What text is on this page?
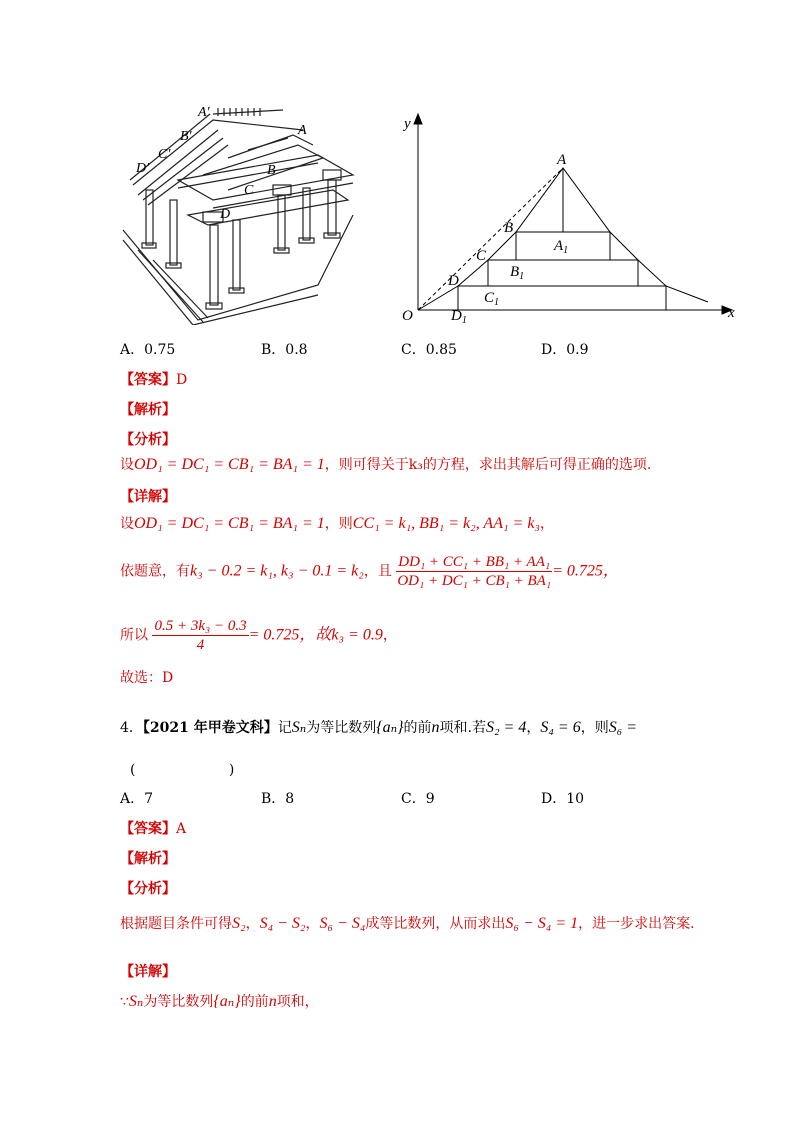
A′
B′
C′
D′
A
B
C
D
y
x
O
A
B
C
D
$A_1$
$B_1$
$C_1$
$D_1$
A．0.75	B．0.8	C．0.85	D．0.9
【答案】D
【解析】
【分析】
设OD₁ = DC₁ = CB₁ = BA₁ = 1，则可得关于k₃的方程，求出其解后可得正确的选项.
【详解】
设OD₁ = DC₁ = CB₁ = BA₁ = 1，则CC₁ = k₁, BB₁ = k₂, AA₁ = k₃，
依题意，有k₃ − 0.2 = k₁, k₃ − 0.1 = k₂，且 $\frac{\text{DD₁ + CC₁ + BB₁ + AA₁}}{\text{OD₁ + DC₁ + CB₁ + BA₁}} = 0.725$，
所以 $\frac{\text{0.5 + 3k₃ − 0.3}}{4} = 0.725$，故k₃ = 0.9，
故选：D
4．【2021 年甲卷文科】记Sₙ为等比数列{aₙ}的前n项和.若S₂ = 4，S₄ = 6，则S₆ =
(                     )
A．7	B．8	C．9	D．10
【答案】A
【解析】
【分析】
根据题目条件可得S₂，S₄ − S₂，S₆ − S₄成等比数列，从而求出S₆ − S₄ = 1，进一步求出答案.
【详解】
∵Sₙ为等比数列{aₙ}的前n项和，
